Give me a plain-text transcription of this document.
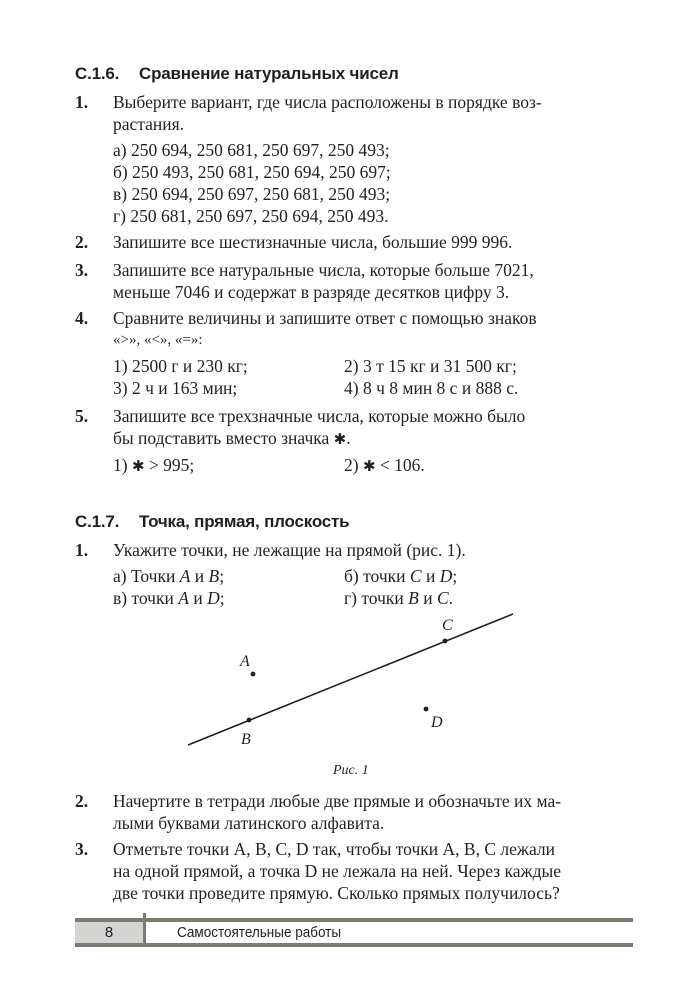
С.1.6. Сравнение натуральных чисел
1. Выберите вариант, где числа расположены в порядке воз-
растания.
а) 250 694, 250 681, 250 697, 250 493;
б) 250 493, 250 681, 250 694, 250 697;
в) 250 694, 250 697, 250 681, 250 493;
г) 250 681, 250 697, 250 694, 250 493.
2. Запишите все шестизначные числа, большие 999 996.
3. Запишите все натуральные числа, которые больше 7021,
меньше 7046 и содержат в разряде десятков цифру 3.
4. Сравните величины и запишите ответ с помощью знаков
«>», «<», «=»:
1) 2500 г и 230 кг;	2) 3 т 15 кг и 31 500 кг;
3) 2 ч и 163 мин;	4) 8 ч 8 мин 8 с и 888 с.
5. Запишите все трехзначные числа, которые можно было
бы подставить вместо значка ✱.
1) ✱ > 995;	2) ✱ < 106.
С.1.7. Точка, прямая, плоскость
1. Укажите точки, не лежащие на прямой (рис. 1).
а) Точки A и B;	б) точки C и D;
в) точки A и D;	г) точки B и C.
C
A
B
D
Рис. 1
2. Начертите в тетради любые две прямые и обозначьте их ма-
лыми буквами латинского алфавита.
3. Отметьте точки A, B, C, D так, чтобы точки A, B, C лежали
на одной прямой, а точка D не лежала на ней. Через каждые
две точки проведите прямую. Сколько прямых получилось?
8	Самостоятельные работы
